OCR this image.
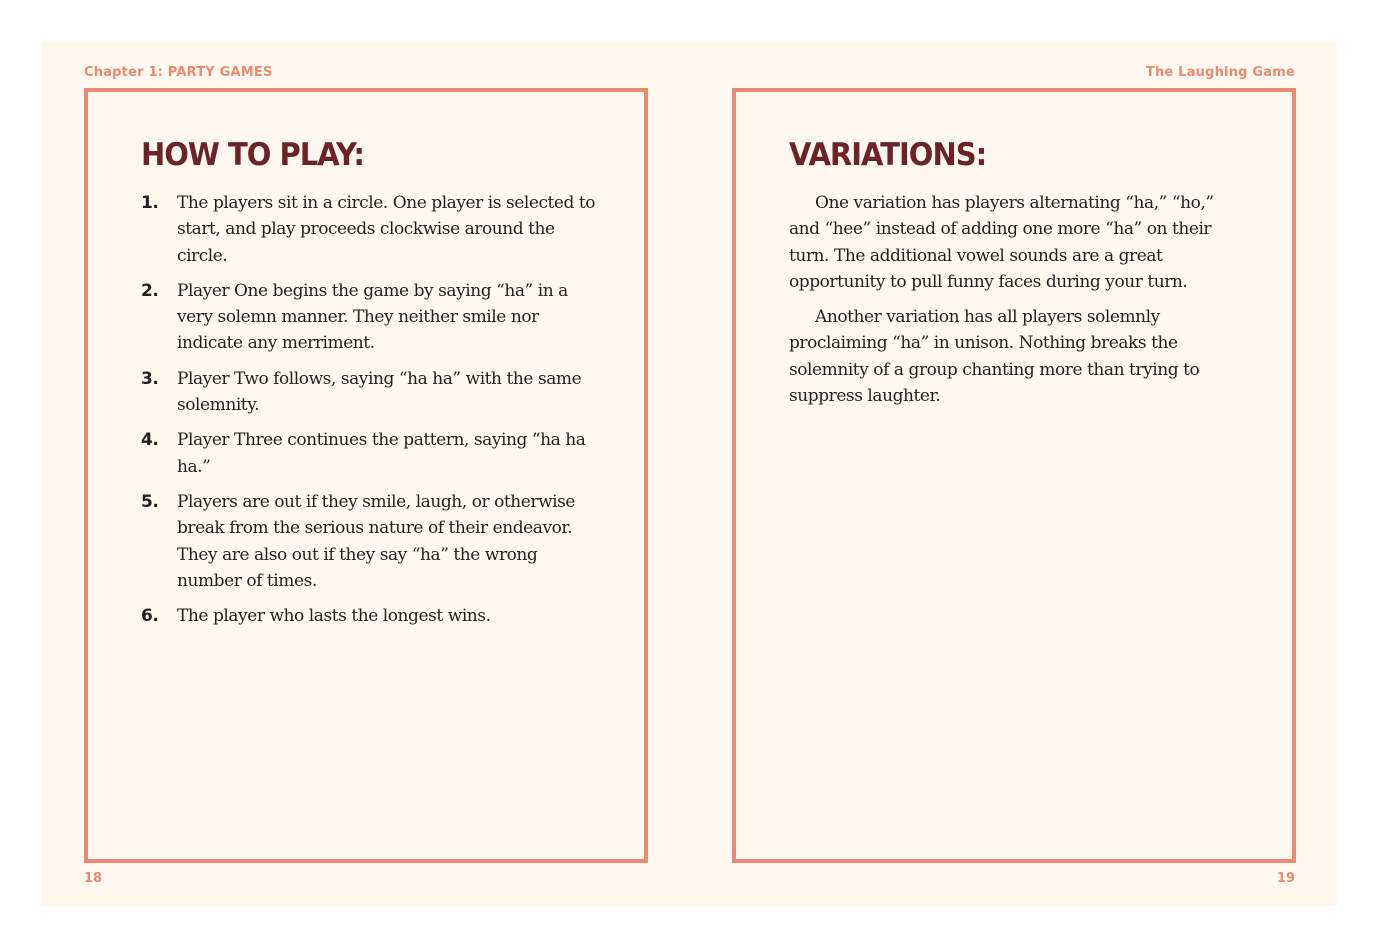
Chapter 1: PARTY GAMES	The Laughing Game
HOW TO PLAY:
1. The players sit in a circle. One player is selected to start, and play proceeds clockwise around the circle.
2. Player One begins the game by saying “ha” in a very solemn manner. They neither smile nor indicate any merriment.
3. Player Two follows, saying “ha ha” with the same solemnity.
4. Player Three continues the pattern, saying “ha ha ha.”
5. Players are out if they smile, laugh, or otherwise break from the serious nature of their endeavor. They are also out if they say “ha” the wrong number of times.
6. The player who lasts the longest wins.
VARIATIONS:

One variation has players alternating “ha,” “ho,” and “hee” instead of adding one more “ha” on their turn. The additional vowel sounds are a great opportunity to pull funny faces during your turn.

Another variation has all players solemnly proclaiming “ha” in unison. Nothing breaks the solemnity of a group chanting more than trying to suppress laughter.

18	19
